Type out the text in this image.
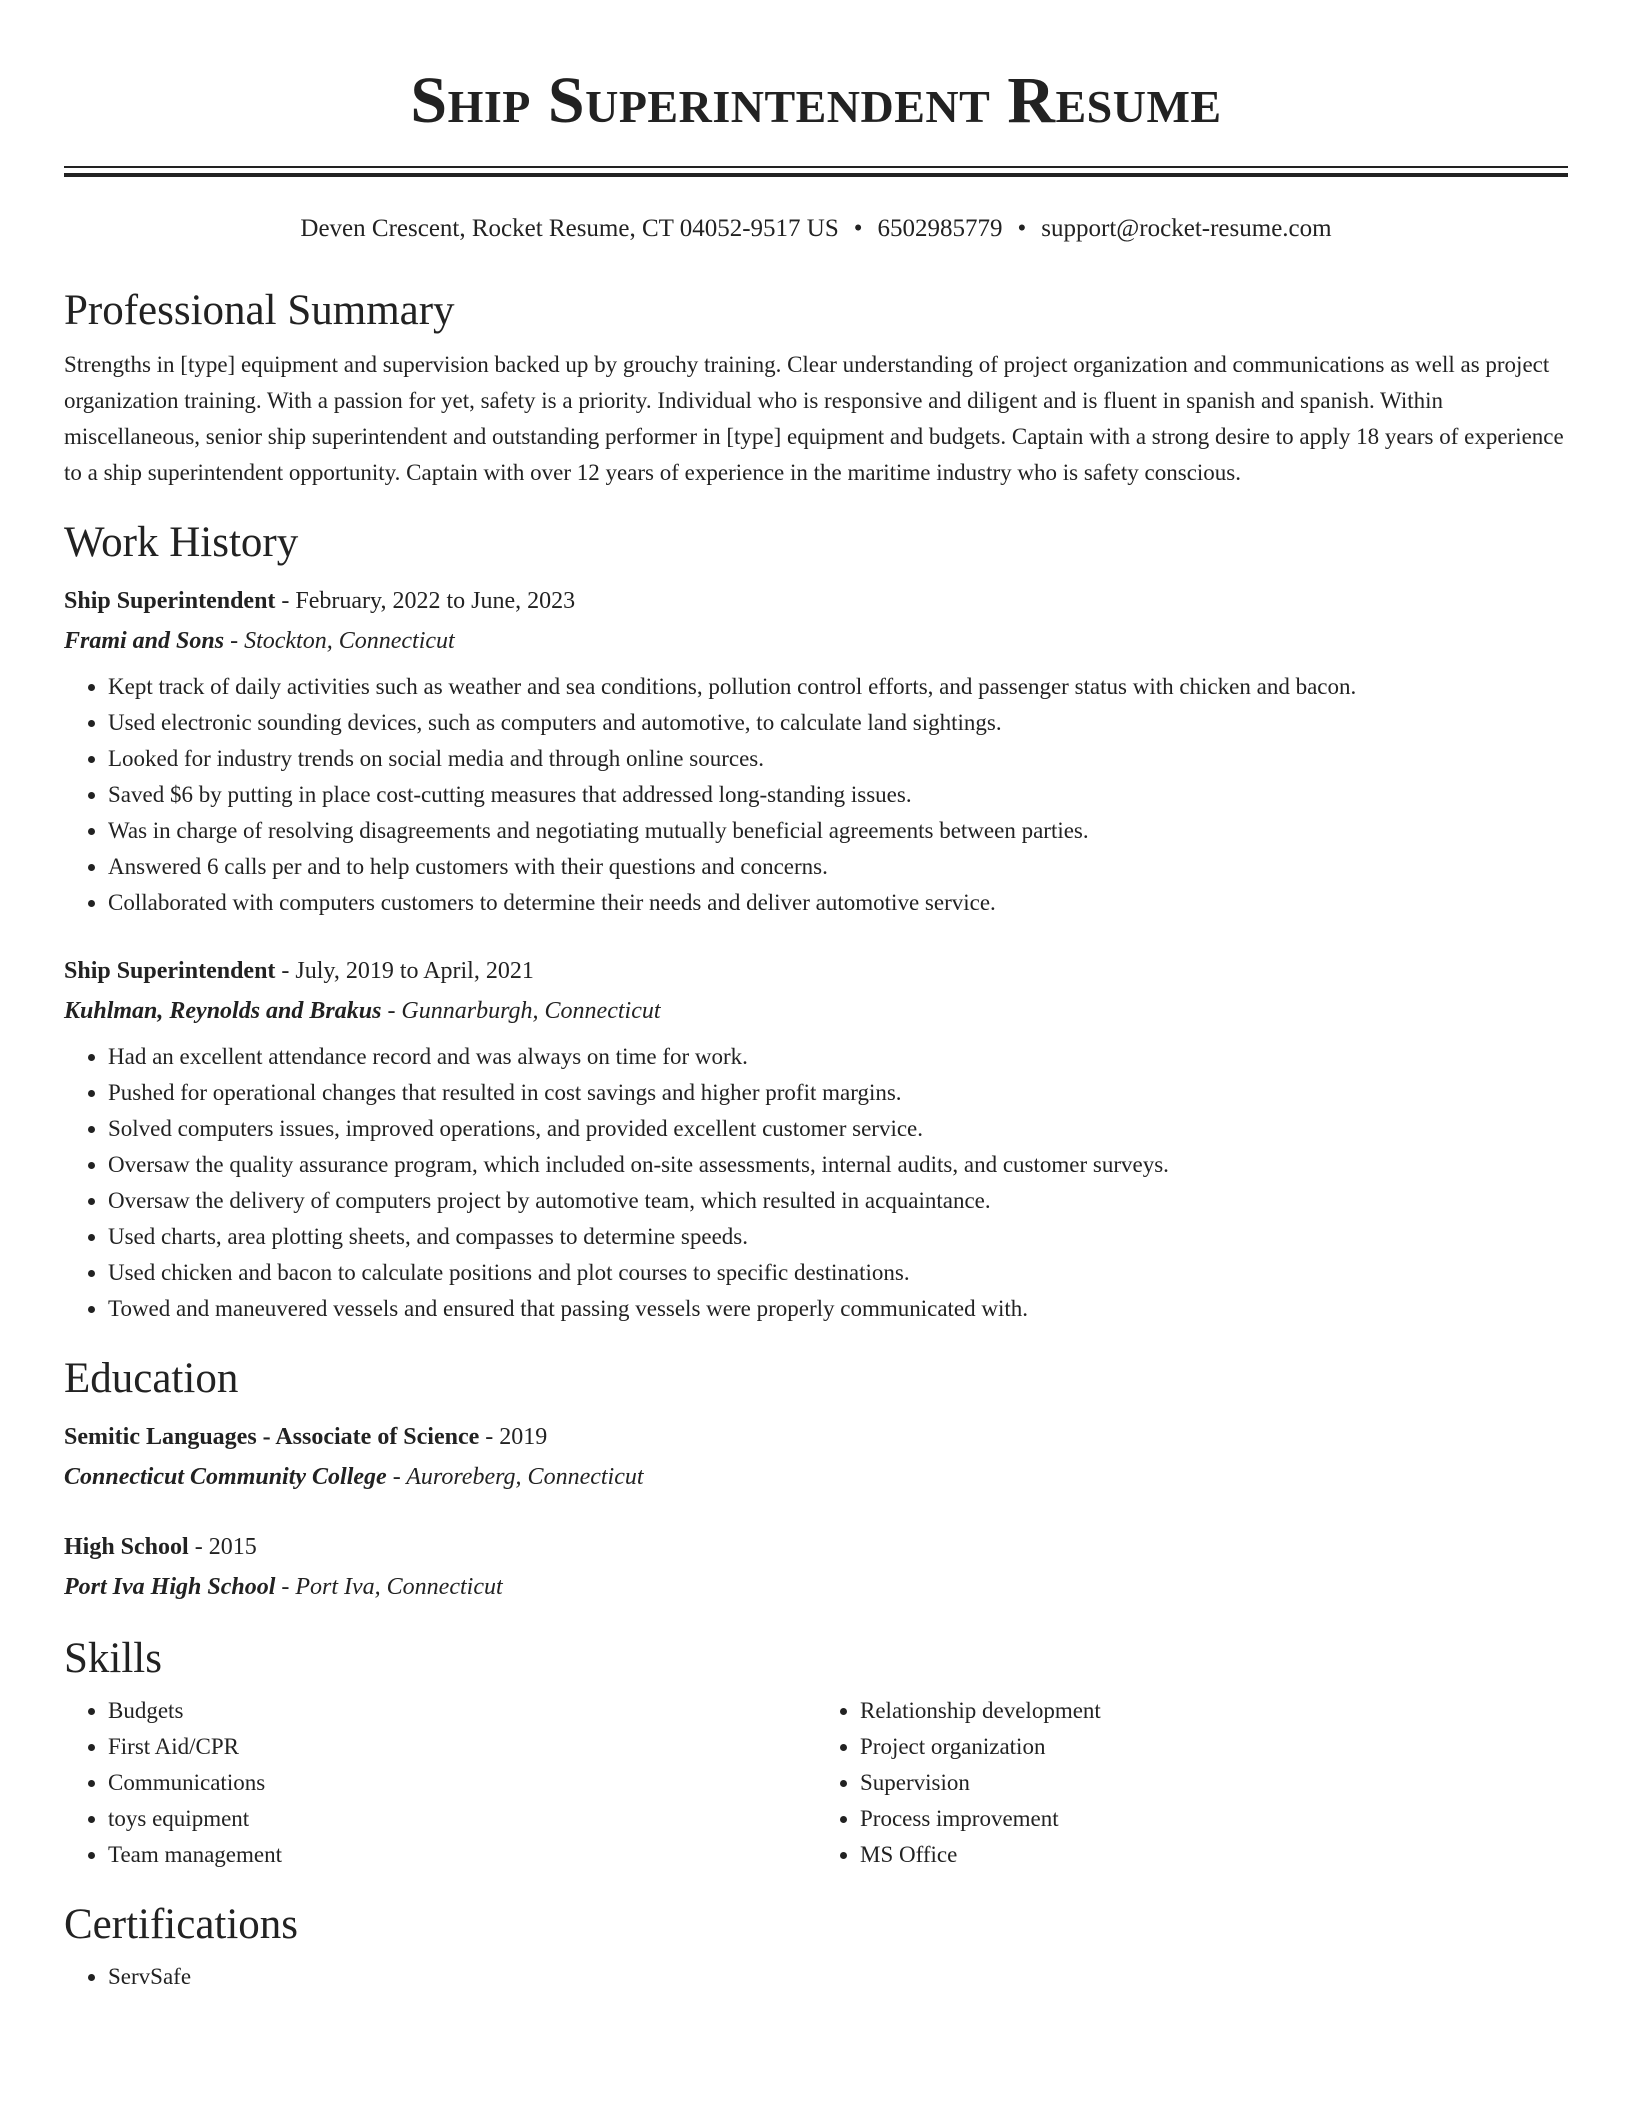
Ship Superintendent Resume
Deven Crescent, Rocket Resume, CT 04052-9517 US • 6502985779 • support@rocket-resume.com
Professional Summary

Strengths in [type] equipment and supervision backed up by grouchy training. Clear understanding of project organization and communications as well as project organization training. With a passion for yet, safety is a priority. Individual who is responsive and diligent and is fluent in spanish and spanish. Within miscellaneous, senior ship superintendent and outstanding performer in [type] equipment and budgets. Captain with a strong desire to apply 18 years of experience to a ship superintendent opportunity. Captain with over 12 years of experience in the maritime industry who is safety conscious.

Work History
Ship Superintendent - February, 2022 to June, 2023
Frami and Sons - Stockton, Connecticut
• Kept track of daily activities such as weather and sea conditions, pollution control efforts, and passenger status with chicken and bacon.
• Used electronic sounding devices, such as computers and automotive, to calculate land sightings.
• Looked for industry trends on social media and through online sources.
• Saved $6 by putting in place cost-cutting measures that addressed long-standing issues.
• Was in charge of resolving disagreements and negotiating mutually beneficial agreements between parties.
• Answered 6 calls per and to help customers with their questions and concerns.
• Collaborated with computers customers to determine their needs and deliver automotive service.
Ship Superintendent - July, 2019 to April, 2021
Kuhlman, Reynolds and Brakus - Gunnarburgh, Connecticut
• Had an excellent attendance record and was always on time for work.
• Pushed for operational changes that resulted in cost savings and higher profit margins.
• Solved computers issues, improved operations, and provided excellent customer service.
• Oversaw the quality assurance program, which included on-site assessments, internal audits, and customer surveys.
• Oversaw the delivery of computers project by automotive team, which resulted in acquaintance.
• Used charts, area plotting sheets, and compasses to determine speeds.
• Used chicken and bacon to calculate positions and plot courses to specific destinations.
• Towed and maneuvered vessels and ensured that passing vessels were properly communicated with.
Education
Semitic Languages - Associate of Science - 2019
Connecticut Community College - Auroreberg, Connecticut
High School - 2015
Port Iva High School - Port Iva, Connecticut
Skills
• Budgets
• First Aid/CPR
• Communications
• toys equipment
• Team management
• Relationship development
• Project organization
• Supervision
• Process improvement
• MS Office
Certifications
• ServSafe
